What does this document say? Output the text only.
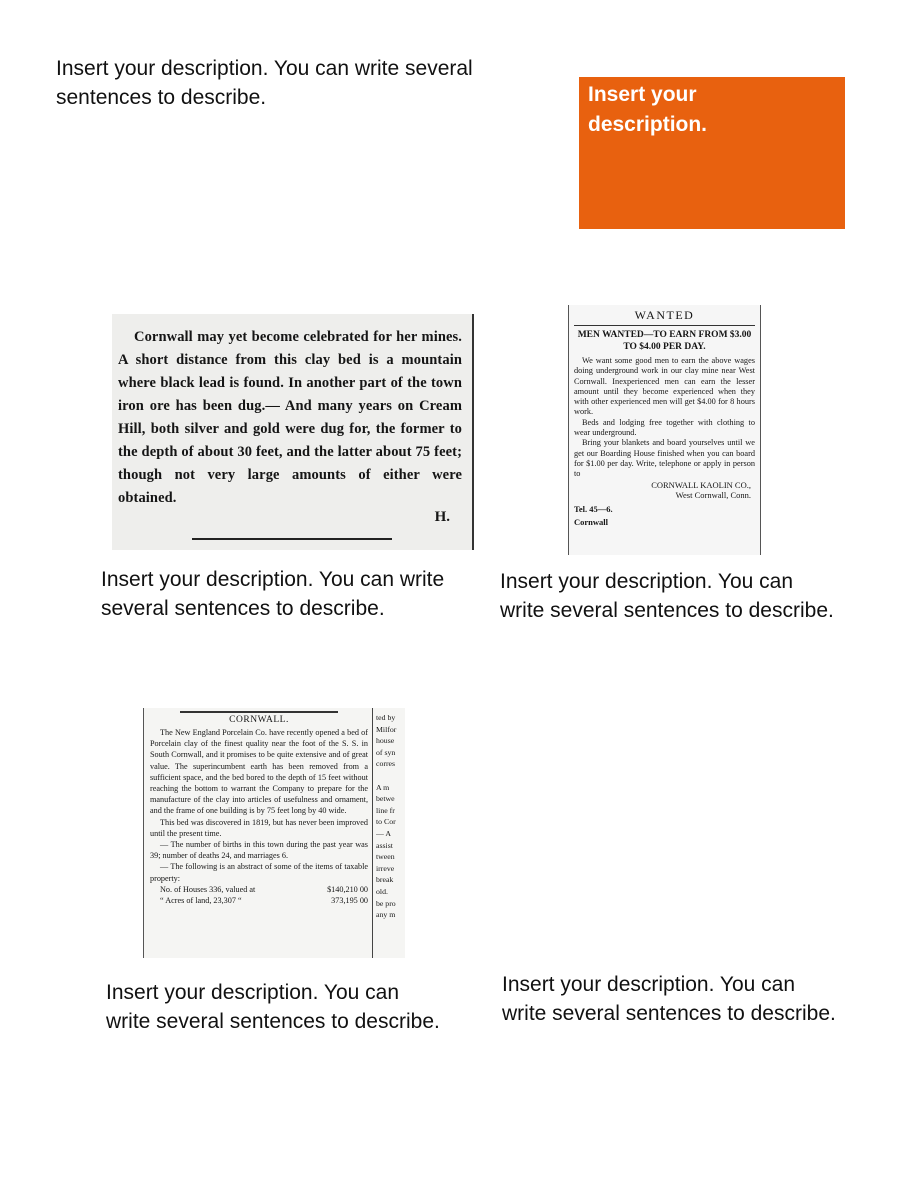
Insert your description. You can write several sentences to describe.	Insert your description.

Cornwall may yet become celebrated for her mines. A short distance from this clay bed is a mountain where black lead is found. In another part of the town iron ore has been dug.— And many years on Cream Hill, both silver and gold were dug for, the former to the depth of about 30 feet, and the latter about 75 feet; though not very large amounts of either were obtained.

H.
WANTED
MEN WANTED—TO EARN FROM $3.00 TO $4.00 PER DAY.

We want some good men to earn the above wages doing underground work in our clay mine near West Cornwall. Inexperienced men can earn the lesser amount until they become experienced when they with other experienced men will get $4.00 for 8 hours work.

Beds and lodging free together with clothing to wear underground.

Bring your blankets and board yourselves until we get our Boarding House finished when you can board for $1.00 per day. Write, telephone or apply in person to

CORNWALL KAOLIN CO.,
West Cornwall, Conn.
Tel. 45—6.
Cornwall
CORNWALL.

The New England Porcelain Co. have recently opened a bed of Porcelain clay of the finest quality near the foot of the S. S. in South Cornwall, and it promises to be quite extensive and of great value. The superincumbent earth has been removed from a sufficient space, and the bed bored to the depth of 15 feet without reaching the bottom to warrant the Company to prepare for the manufacture of the clay into articles of usefulness and ornament, and the frame of one building is by 75 feet long by 40 wide.

This bed was discovered in 1819, but has never been improved until the present time.

— The number of births in this town during the past year was 39; number of deaths 24, and marriages 6.

— The following is an abstract of some of the items of taxable property:

No. of Houses 336, valued at	$140,210 00
“ Acres of land, 23,307 “	373,195 00
ted by
Milfor
house
of syn
corres

A m
betwe
line fr
to Cor
— A
assist
tween
irreve
break
old.
be pro
any m

Insert your description. You can write several sentences to describe.

Insert your description. You can write several sentences to describe.

Insert your description. You can write several sentences to describe.

Insert your description. You can write several sentences to describe.
